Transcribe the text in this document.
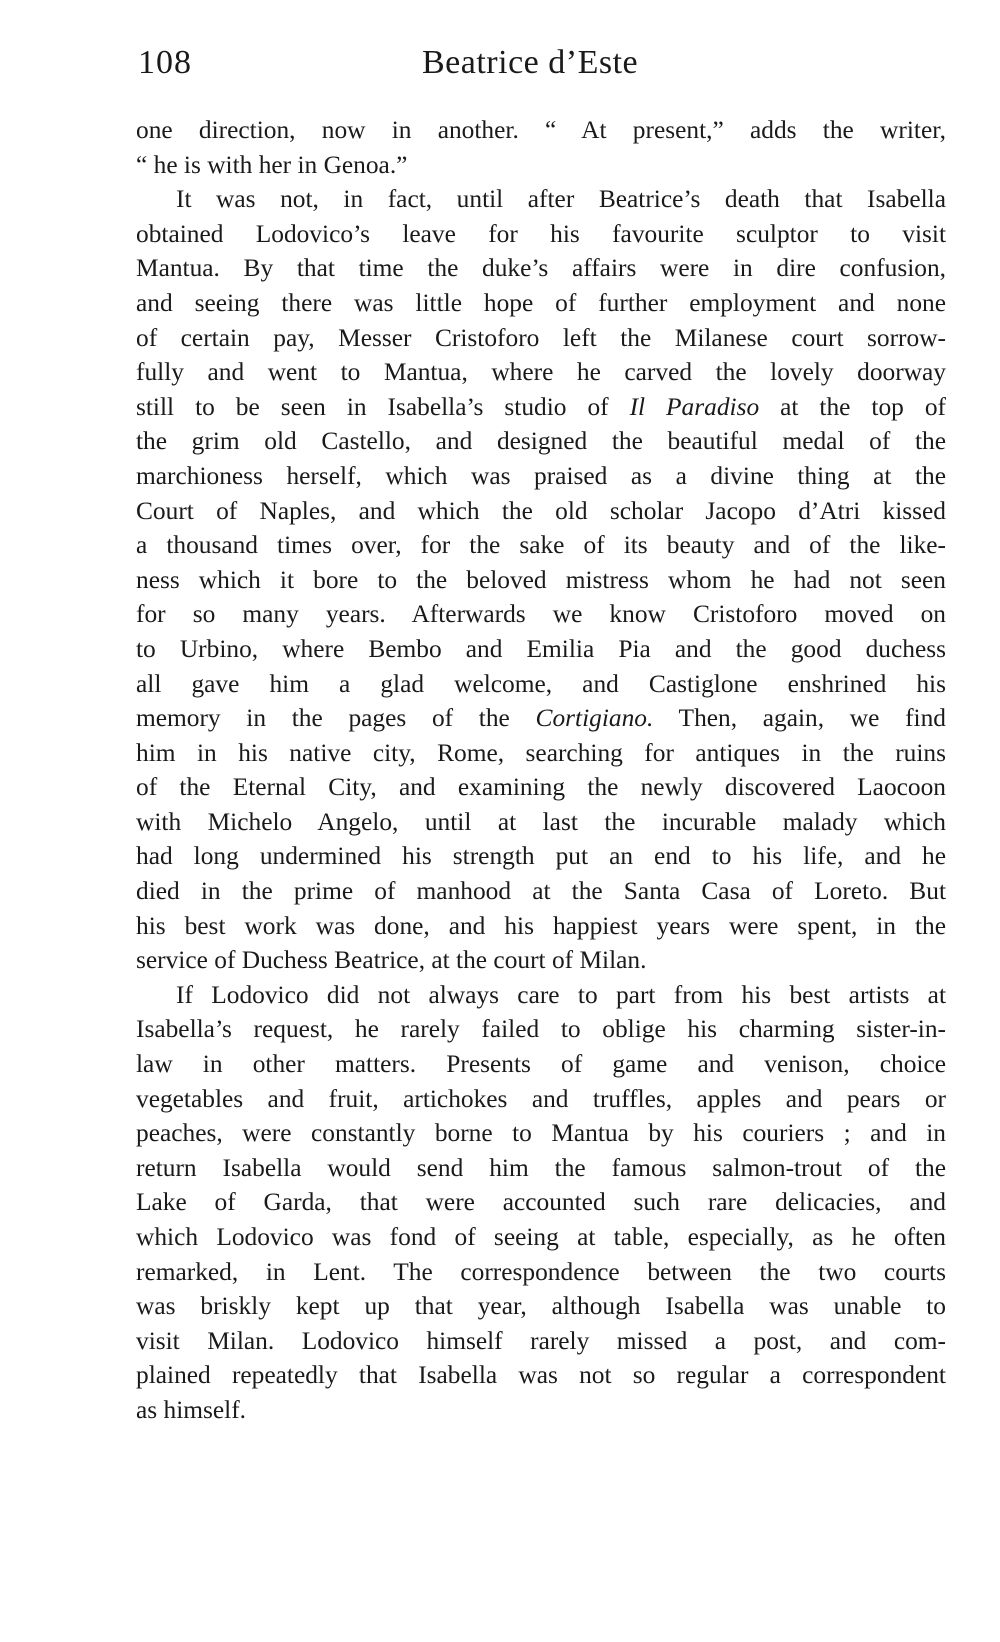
108	Beatrice d’Este
one direction, now in another. “ At present,” adds the writer,
“ he is with her in Genoa.”
It was not, in fact, until after Beatrice’s death that Isabella
obtained Lodovico’s leave for his favourite sculptor to visit
Mantua. By that time the duke’s affairs were in dire confusion,
and seeing there was little hope of further employment and none
of certain pay, Messer Cristoforo left the Milanese court sorrow-
fully and went to Mantua, where he carved the lovely doorway
still to be seen in Isabella’s studio of Il Paradiso at the top of
the grim old Castello, and designed the beautiful medal of the
marchioness herself, which was praised as a divine thing at the
Court of Naples, and which the old scholar Jacopo d’Atri kissed
a thousand times over, for the sake of its beauty and of the like-
ness which it bore to the beloved mistress whom he had not seen
for so many years. Afterwards we know Cristoforo moved on
to Urbino, where Bembo and Emilia Pia and the good duchess
all gave him a glad welcome, and Castiglone enshrined his
memory in the pages of the Cortigiano. Then, again, we find
him in his native city, Rome, searching for antiques in the ruins
of the Eternal City, and examining the newly discovered Laocoon
with Michelo Angelo, until at last the incurable malady which
had long undermined his strength put an end to his life, and he
died in the prime of manhood at the Santa Casa of Loreto. But
his best work was done, and his happiest years were spent, in the
service of Duchess Beatrice, at the court of Milan.
If Lodovico did not always care to part from his best artists at
Isabella’s request, he rarely failed to oblige his charming sister-in-
law in other matters. Presents of game and venison, choice
vegetables and fruit, artichokes and truffles, apples and pears or
peaches, were constantly borne to Mantua by his couriers ; and in
return Isabella would send him the famous salmon-trout of the
Lake of Garda, that were accounted such rare delicacies, and
which Lodovico was fond of seeing at table, especially, as he often
remarked, in Lent. The correspondence between the two courts
was briskly kept up that year, although Isabella was unable to
visit Milan. Lodovico himself rarely missed a post, and com-
plained repeatedly that Isabella was not so regular a correspondent
as himself.
